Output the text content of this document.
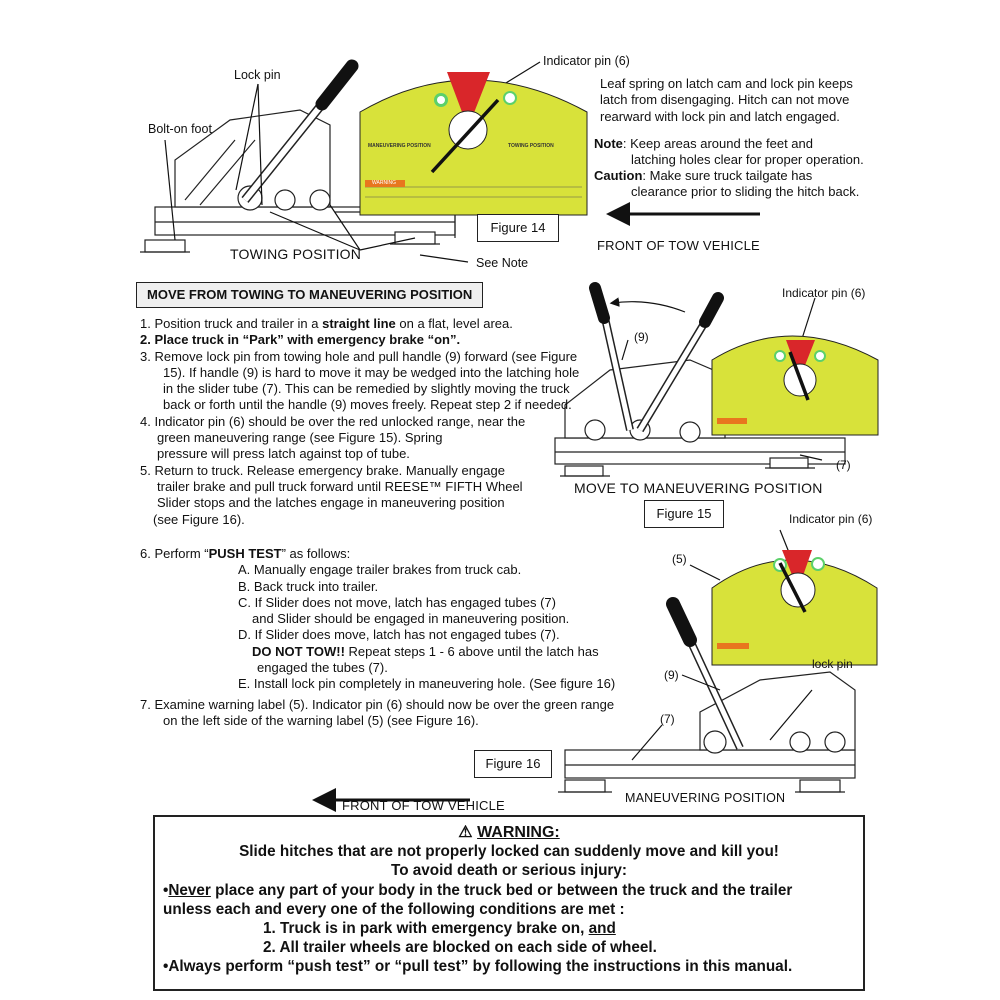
Lock pin
Bolt-on foot
Indicator pin (6)
See Note
TOWING POSITION
MANEUVERING POSITION	TOWING POSITION
WARNING
Figure 14
FRONT OF TOW VEHICLE
Leaf spring on latch cam and lock pin keeps
latch from disengaging. Hitch can not move
rearward with lock pin and latch engaged.
Note: Keep areas around the feet and
latching holes clear for proper operation.
Caution: Make sure truck tailgate has
clearance prior to sliding the hitch back.
MOVE FROM TOWING TO MANEUVERING POSITION
1. Position truck and trailer in a straight line on a flat, level area.
2. Place truck in “Park” with emergency brake “on”.
3. Remove lock pin from towing hole and pull handle (9) forward (see Figure
15). If handle (9) is hard to move it may be wedged into the latching hole
in the slider tube (7). This can be remedied by slightly moving the truck
back or forth until the handle (9) moves freely. Repeat step 2 if needed.
4. Indicator pin (6) should be over the red unlocked range, near the
green maneuvering range (see Figure 15). Spring
pressure will press latch against top of tube.
5. Return to truck. Release emergency brake. Manually engage
trailer brake and pull truck forward until REESE™ FIFTH Wheel
Slider stops and the latches engage in maneuvering position
(see Figure 16).
(9)
Indicator pin (6)
(7)
MOVE TO MANEUVERING POSITION
Figure 15
6. Perform “PUSH TEST” as follows:
A. Manually engage trailer brakes from truck cab.
B. Back truck into trailer.
C. If Slider does not move, latch has engaged tubes (7)
and Slider should be engaged in maneuvering position.
D. If Slider does move, latch has not engaged tubes (7).
DO NOT TOW!! Repeat steps 1 - 6 above until the latch has
engaged the tubes (7).
E. Install lock pin completely in maneuvering hole. (See figure 16)
7. Examine warning label (5). Indicator pin (6) should now be over the green range
on the left side of the warning label (5) (see Figure 16).
(5)
Indicator pin (6)
lock pin
(9)
(7)
Figure 16
FRONT OF TOW VEHICLE	MANEUVERING POSITION
⚠ WARNING:
Slide hitches that are not properly locked can suddenly move and kill you!
To avoid death or serious injury:
•Never place any part of your body in the truck bed or between the truck and the trailer
unless each and every one of the following conditions are met :
1. Truck is in park with emergency brake on, and
2. All trailer wheels are blocked on each side of wheel.
•Always perform “push test” or “pull test” by following the instructions in this manual.
